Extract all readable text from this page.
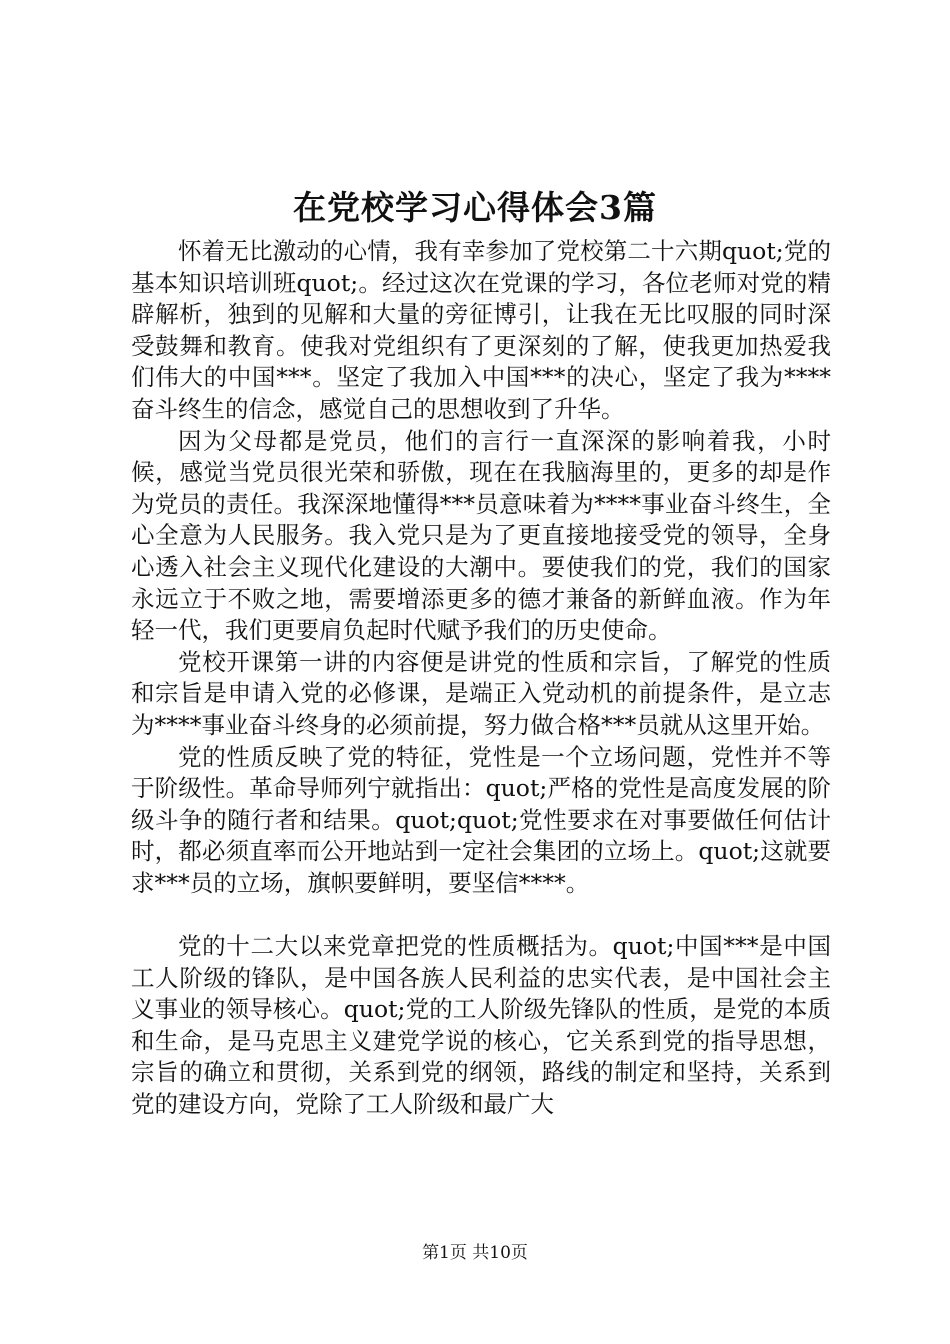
在党校学习心得体会3篇

怀着无比激动的心情，我有幸参加了党校第二十六期quot;党的基本知识培训班quot;。经过这次在党课的学习，各位老师对党的精辟解析，独到的见解和大量的旁征博引，让我在无比叹服的同时深受鼓舞和教育。使我对党组织有了更深刻的了解，使我更加热爱我们伟大的中国***。坚定了我加入中国***的决心，坚定了我为****奋斗终生的信念，感觉自己的思想收到了升华。

因为父母都是党员，他们的言行一直深深的影响着我，小时候，感觉当党员很光荣和骄傲，现在在我脑海里的，更多的却是作为党员的责任。我深深地懂得***员意味着为****事业奋斗终生，全心全意为人民服务。我入党只是为了更直接地接受党的领导，全身心透入社会主义现代化建设的大潮中。要使我们的党，我们的国家永远立于不败之地，需要增添更多的德才兼备的新鲜血液。作为年轻一代，我们更要肩负起时代赋予我们的历史使命。

党校开课第一讲的内容便是讲党的性质和宗旨，了解党的性质和宗旨是申请入党的必修课，是端正入党动机的前提条件，是立志为****事业奋斗终身的必须前提，努力做合格***员就从这里开始。

党的性质反映了党的特征，党性是一个立场问题，党性并不等于阶级性。革命导师列宁就指出：quot;严格的党性是高度发展的阶级斗争的随行者和结果。quot;quot;党性要求在对事要做任何估计时，都必须直率而公开地站到一定社会集团的立场上。quot;这就要求***员的立场，旗帜要鲜明，要坚信****。

党的十二大以来党章把党的性质概括为。quot;中国***是中国工人阶级的锋队，是中国各族人民利益的忠实代表，是中国社会主义事业的领导核心。quot;党的工人阶级先锋队的性质，是党的本质和生命，是马克思主义建党学说的核心，它关系到党的指导思想，宗旨的确立和贯彻，关系到党的纲领，路线的制定和坚持，关系到党的建设方向，党除了工人阶级和最广大

第1页 共10页
